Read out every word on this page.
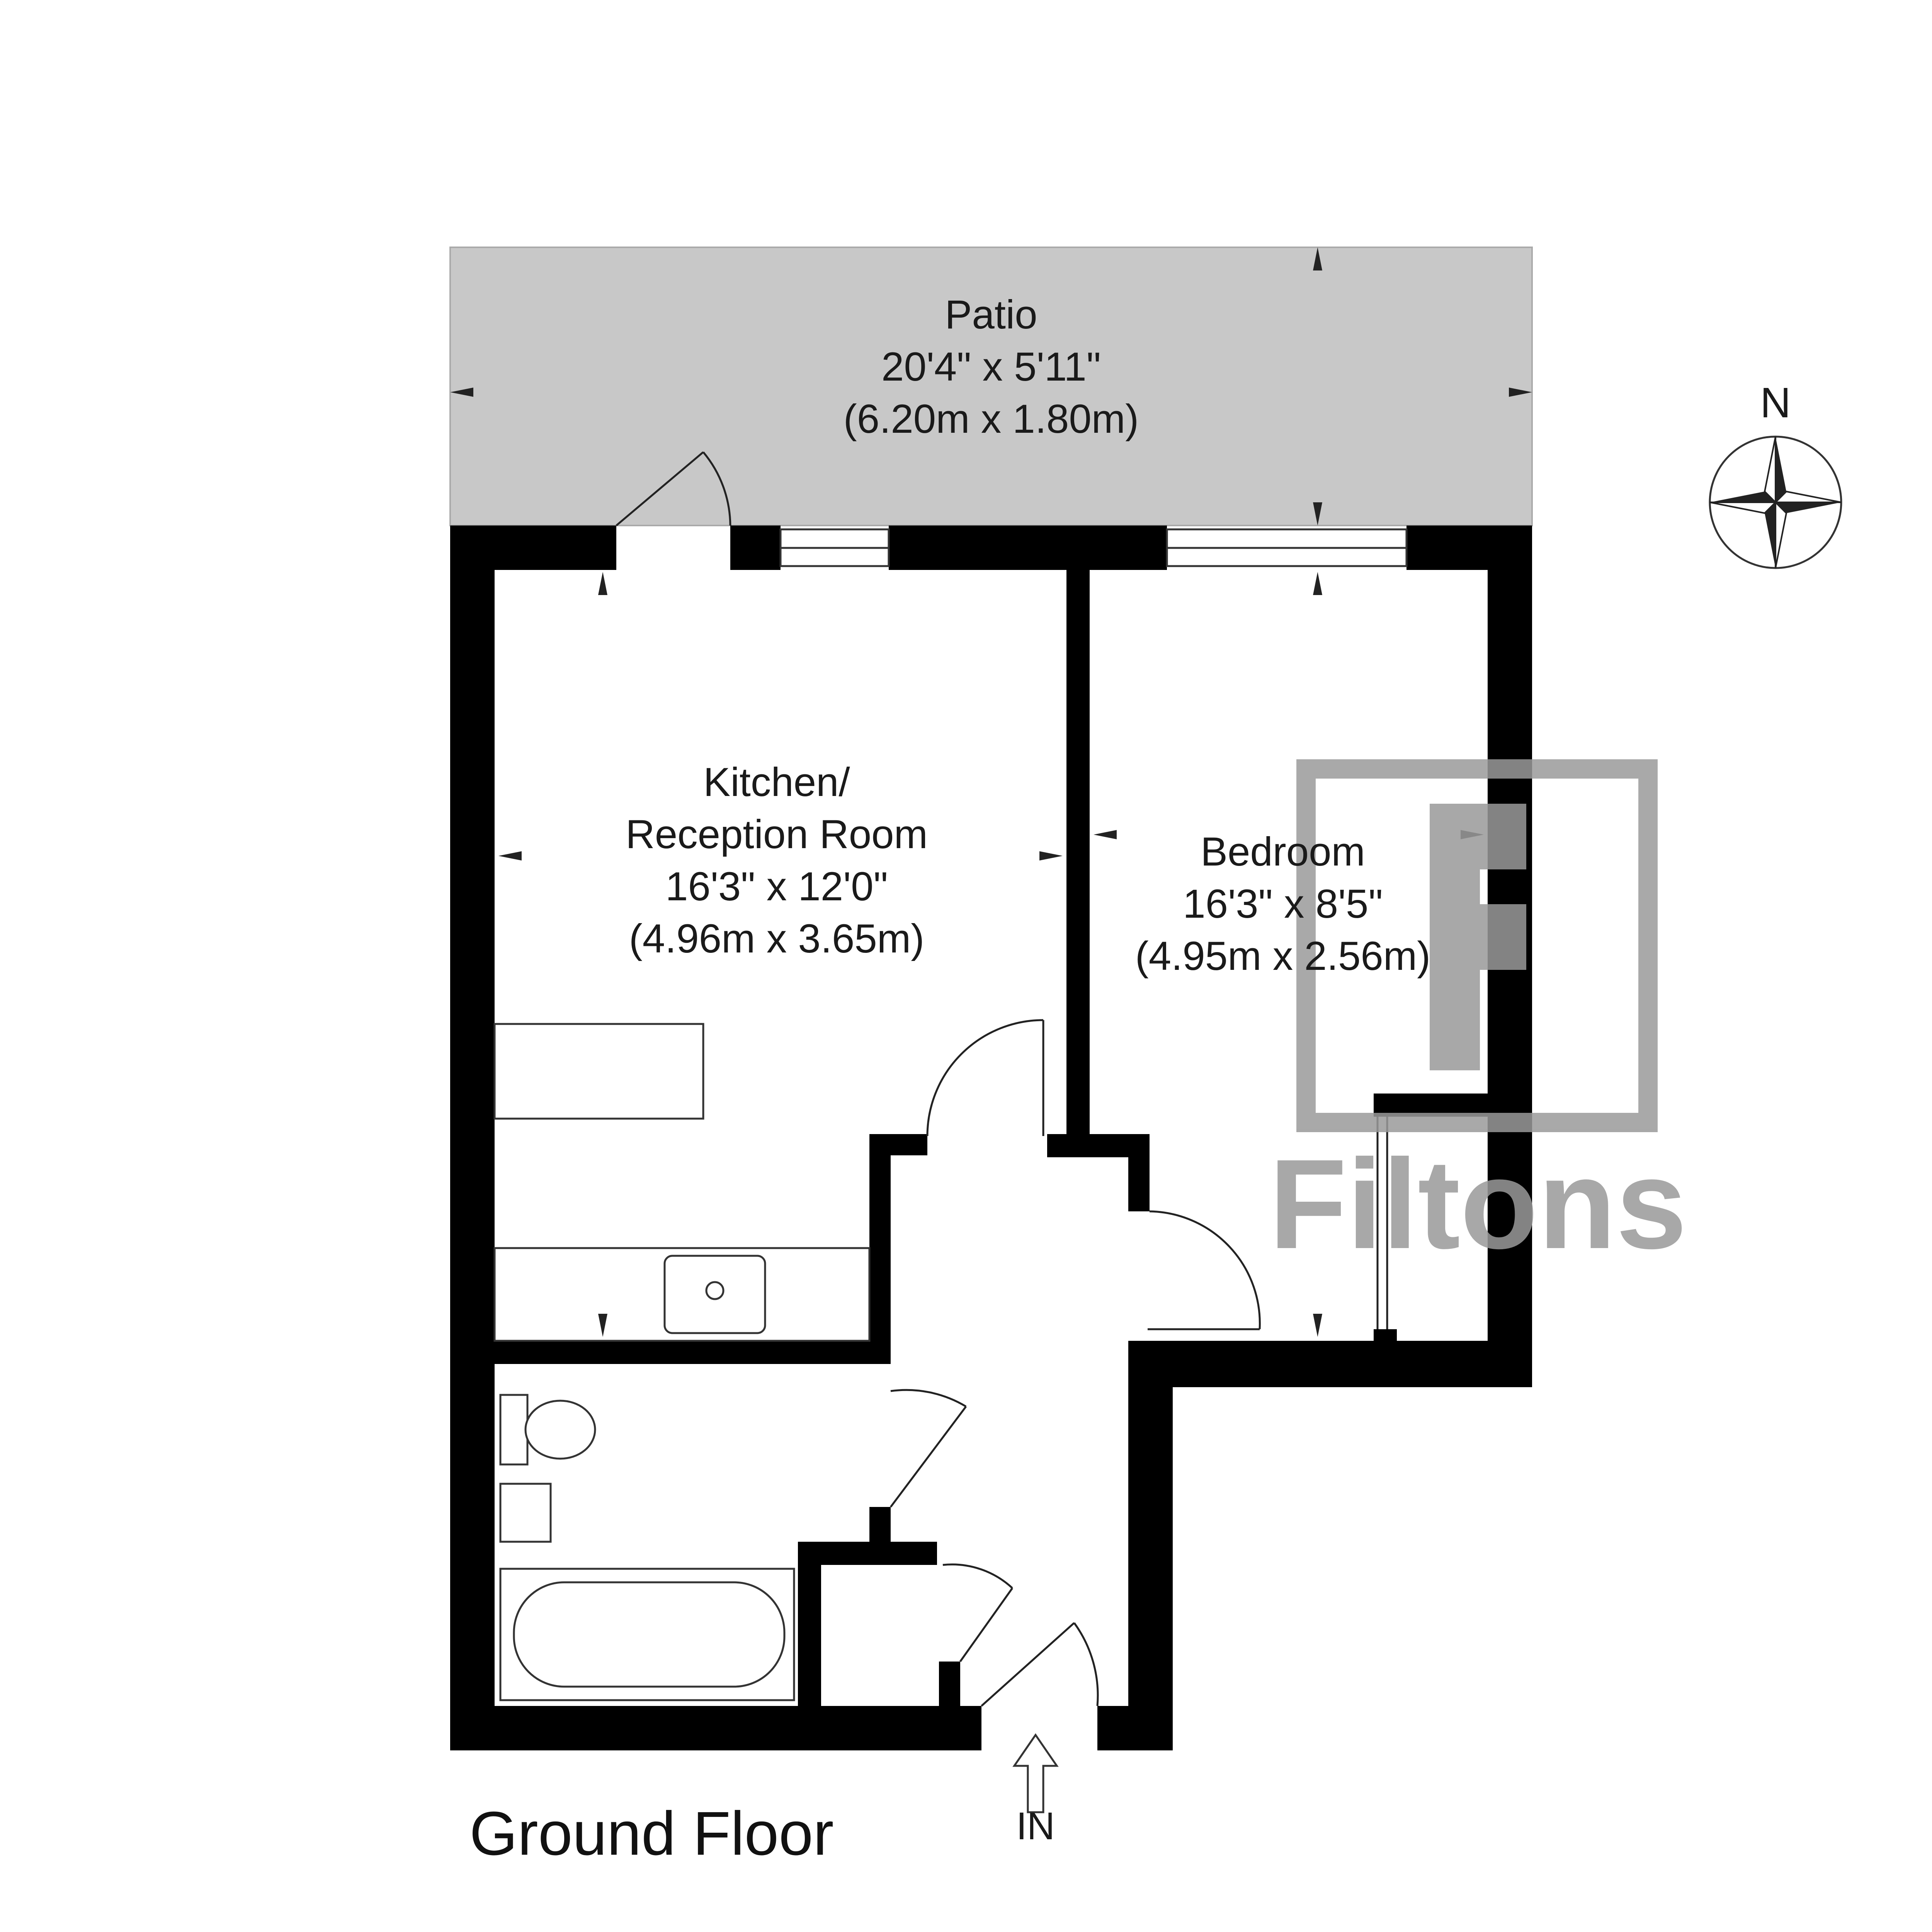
Filtons
N
Patio
20'4" x 5'11"
(6.20m x 1.80m)
Kitchen/
Reception Room
16'3" x 12'0"
(4.96m x 3.65m)
Bedroom
16'3" x 8'5"
(4.95m x 2.56m)
IN
Ground Floor
